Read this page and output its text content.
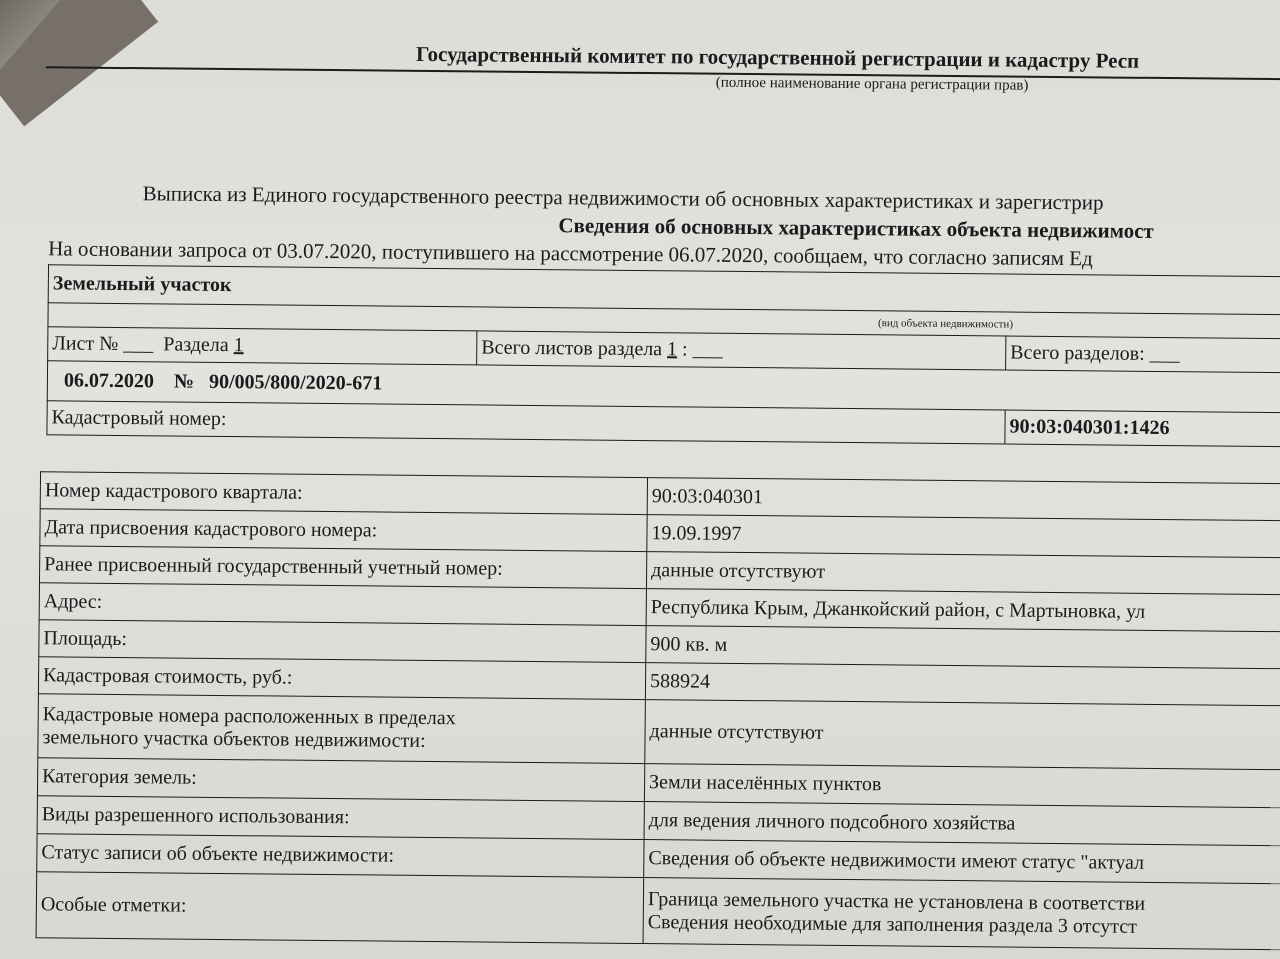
Государственный комитет по государственной регистрации и кадастру Респ
(полное наименование органа регистрации прав)
Выписка из Единого государственного реестра недвижимости об основных характеристиках и зарегистрир
Сведения об основных характеристиках объекта недвижимост
На основании запроса от 03.07.2020, поступившего на рассмотрение 06.07.2020, сообщаем, что согласно записям Ед
Земельный участок		
(вид объекта недвижимости)		
Лист № ___ Раздела 1	Всего листов раздела 1 : ___	Всего разделов: ___
06.07.2020 № 90/005/800/2020-671		
Кадастровый номер:		90:03:040301:1426
Номер кадастрового квартала:	90:03:040301
Дата присвоения кадастрового номера:	19.09.1997
Ранее присвоенный государственный учетный номер:	данные отсутствуют
Адрес:	Республика Крым, Джанкойский район, с Мартыновка, ул
Площадь:	900 кв. м
Кадастровая стоимость, руб.:	588924

Кадастровые номера расположенных в пределах
земельного участка объектов недвижимости:	данные отсутствуют
Категория земель:	Земли населённых пунктов
Виды разрешенного использования:	для ведения личного подсобного хозяйства
Статус записи об объекте недвижимости:	Сведения об объекте недвижимости имеют статус "актуал
Особые отметки:	Граница земельного участка не установлена в соответстви
Сведения необходимые для заполнения раздела 3 отсутст
